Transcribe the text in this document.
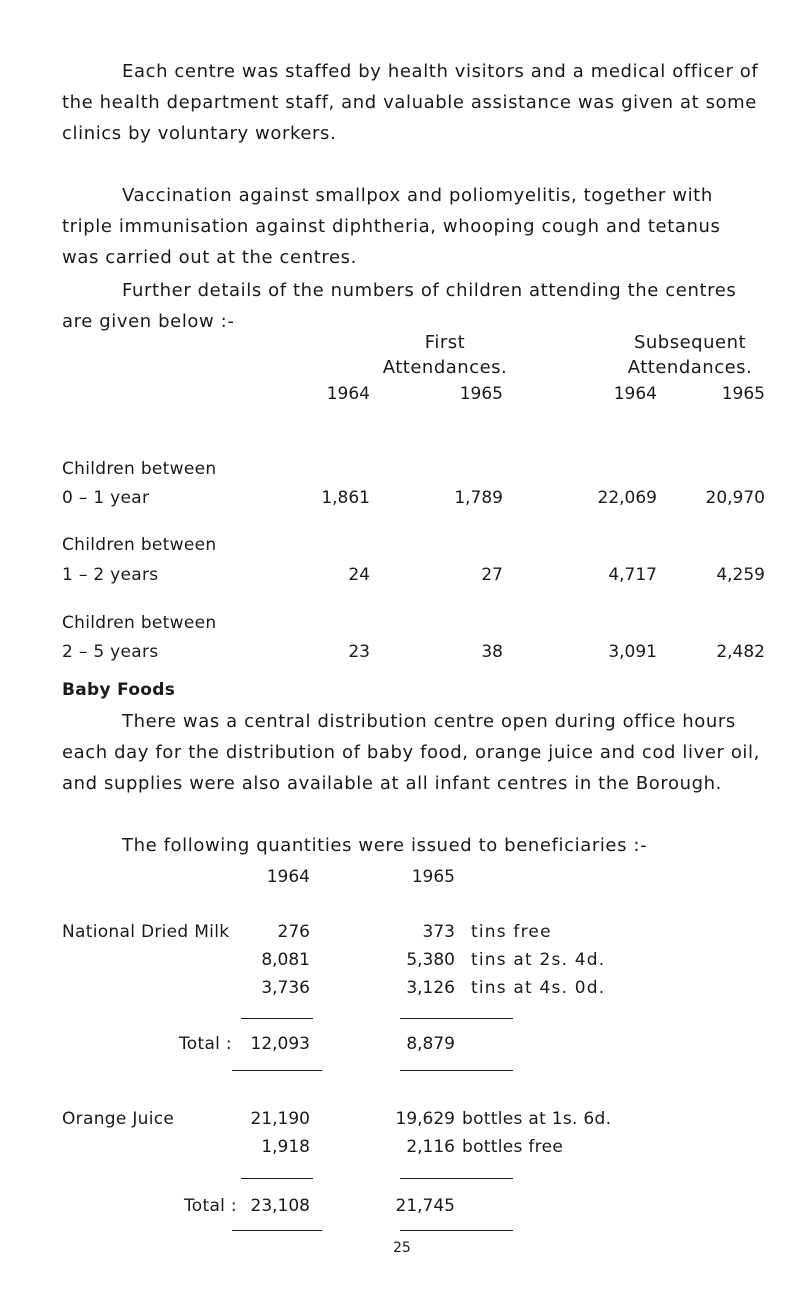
Each centre was staffed by health visitors and a medical officer of the health department staff, and valuable assistance was given at some clinics by voluntary workers.
Vaccination against smallpox and poliomyelitis, together with triple immunisation against diphtheria, whooping cough and tetanus was carried out at the centres.
Further details of the numbers of children attending the centres are given below :-
First
Attendances.
Subsequent
Attendances.
1964	1965	1964	1965
Children between
0 – 1 year	1,861	1,789	22,069	20,970
Children between
1 – 2 years	24	27	4,717	4,259
Children between
2 – 5 years	23	38	3,091	2,482
Baby Foods
There was a central distribution centre open during office hours each day for the distribution of baby food, orange juice and cod liver oil, and supplies were also available at all infant centres in the Borough.
The following quantities were issued to beneficiaries :-
1964	1965
National Dried Milk	276	373 tins free
8,081	5,380 tins at 2s. 4d.
3,736	3,126 tins at 4s. 0d.
Total :	12,093	8,879
Orange Juice	21,190	19,629 bottles at 1s. 6d.
1,918	2,116 bottles free
Total : 23,108	21,745
25
